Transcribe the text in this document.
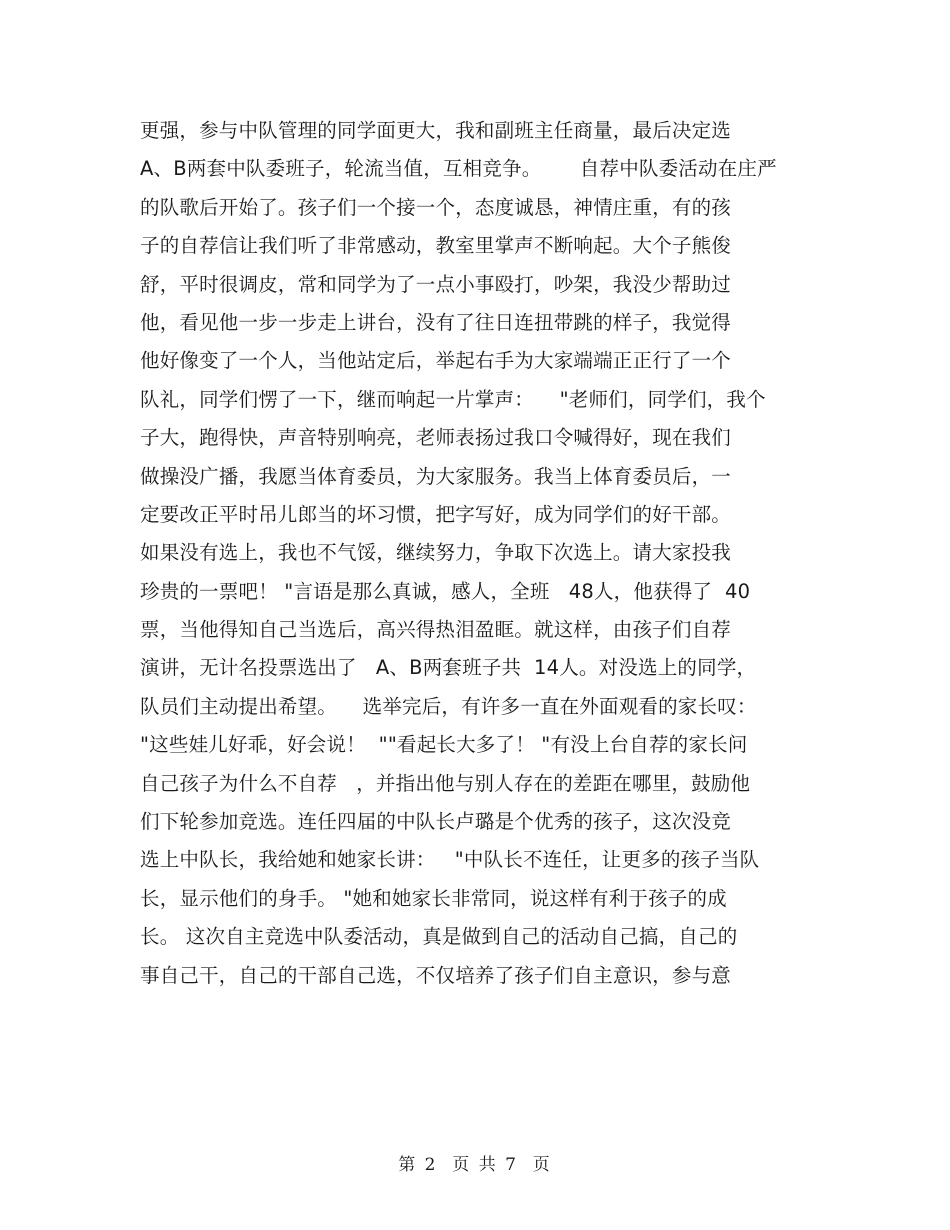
更强，参与中队管理的同学面更大，我和副班主任商量，最后决定选
A、B两套中队委班子，轮流当值，互相竞争。      自荐中队委活动在庄严
的队歌后开始了。孩子们一个接一个，态度诚恳，神情庄重，有的孩
子的自荐信让我们听了非常感动，教室里掌声不断响起。大个子熊俊
舒，平时很调皮，常和同学为了一点小事殴打，吵架，我没少帮助过
他，看见他一步一步走上讲台，没有了往日连扭带跳的样子，我觉得
他好像变了一个人，当他站定后，举起右手为大家端端正正行了一个
队礼，同学们愣了一下，继而响起一片掌声：    "老师们，同学们，我个
子大，跑得快，声音特别响亮，老师表扬过我口令喊得好，现在我们
做操没广播，我愿当体育委员，为大家服务。我当上体育委员后，一
定要改正平时吊儿郎当的坏习惯，把字写好，成为同学们的好干部。
如果没有选上，我也不气馁，继续努力，争取下次选上。请大家投我
珍贵的一票吧！ "言语是那么真诚，感人，全班   48人，他获得了  40
票，当他得知自己当选后，高兴得热泪盈眶。就这样，由孩子们自荐
演讲，无计名投票选出了   A、B两套班子共  14人。对没选上的同学，
队员们主动提出希望。    选举完后，有许多一直在外面观看的家长叹：
"这些娃儿好乖，好会说！  ""看起长大多了！ "有没上台自荐的家长问
自己孩子为什么不自荐   ，并指出他与别人存在的差距在哪里，鼓励他
们下轮参加竞选。连任四届的中队长卢璐是个优秀的孩子，这次没竞
选上中队长，我给她和她家长讲：   "中队长不连任，让更多的孩子当队
长，显示他们的身手。 "她和她家长非常同，说这样有利于孩子的成
长。 这次自主竞选中队委活动，真是做到自己的活动自己搞，自己的
事自己干，自己的干部自己选，不仅培养了孩子们自主意识，参与意
第 2  页 共 7  页
